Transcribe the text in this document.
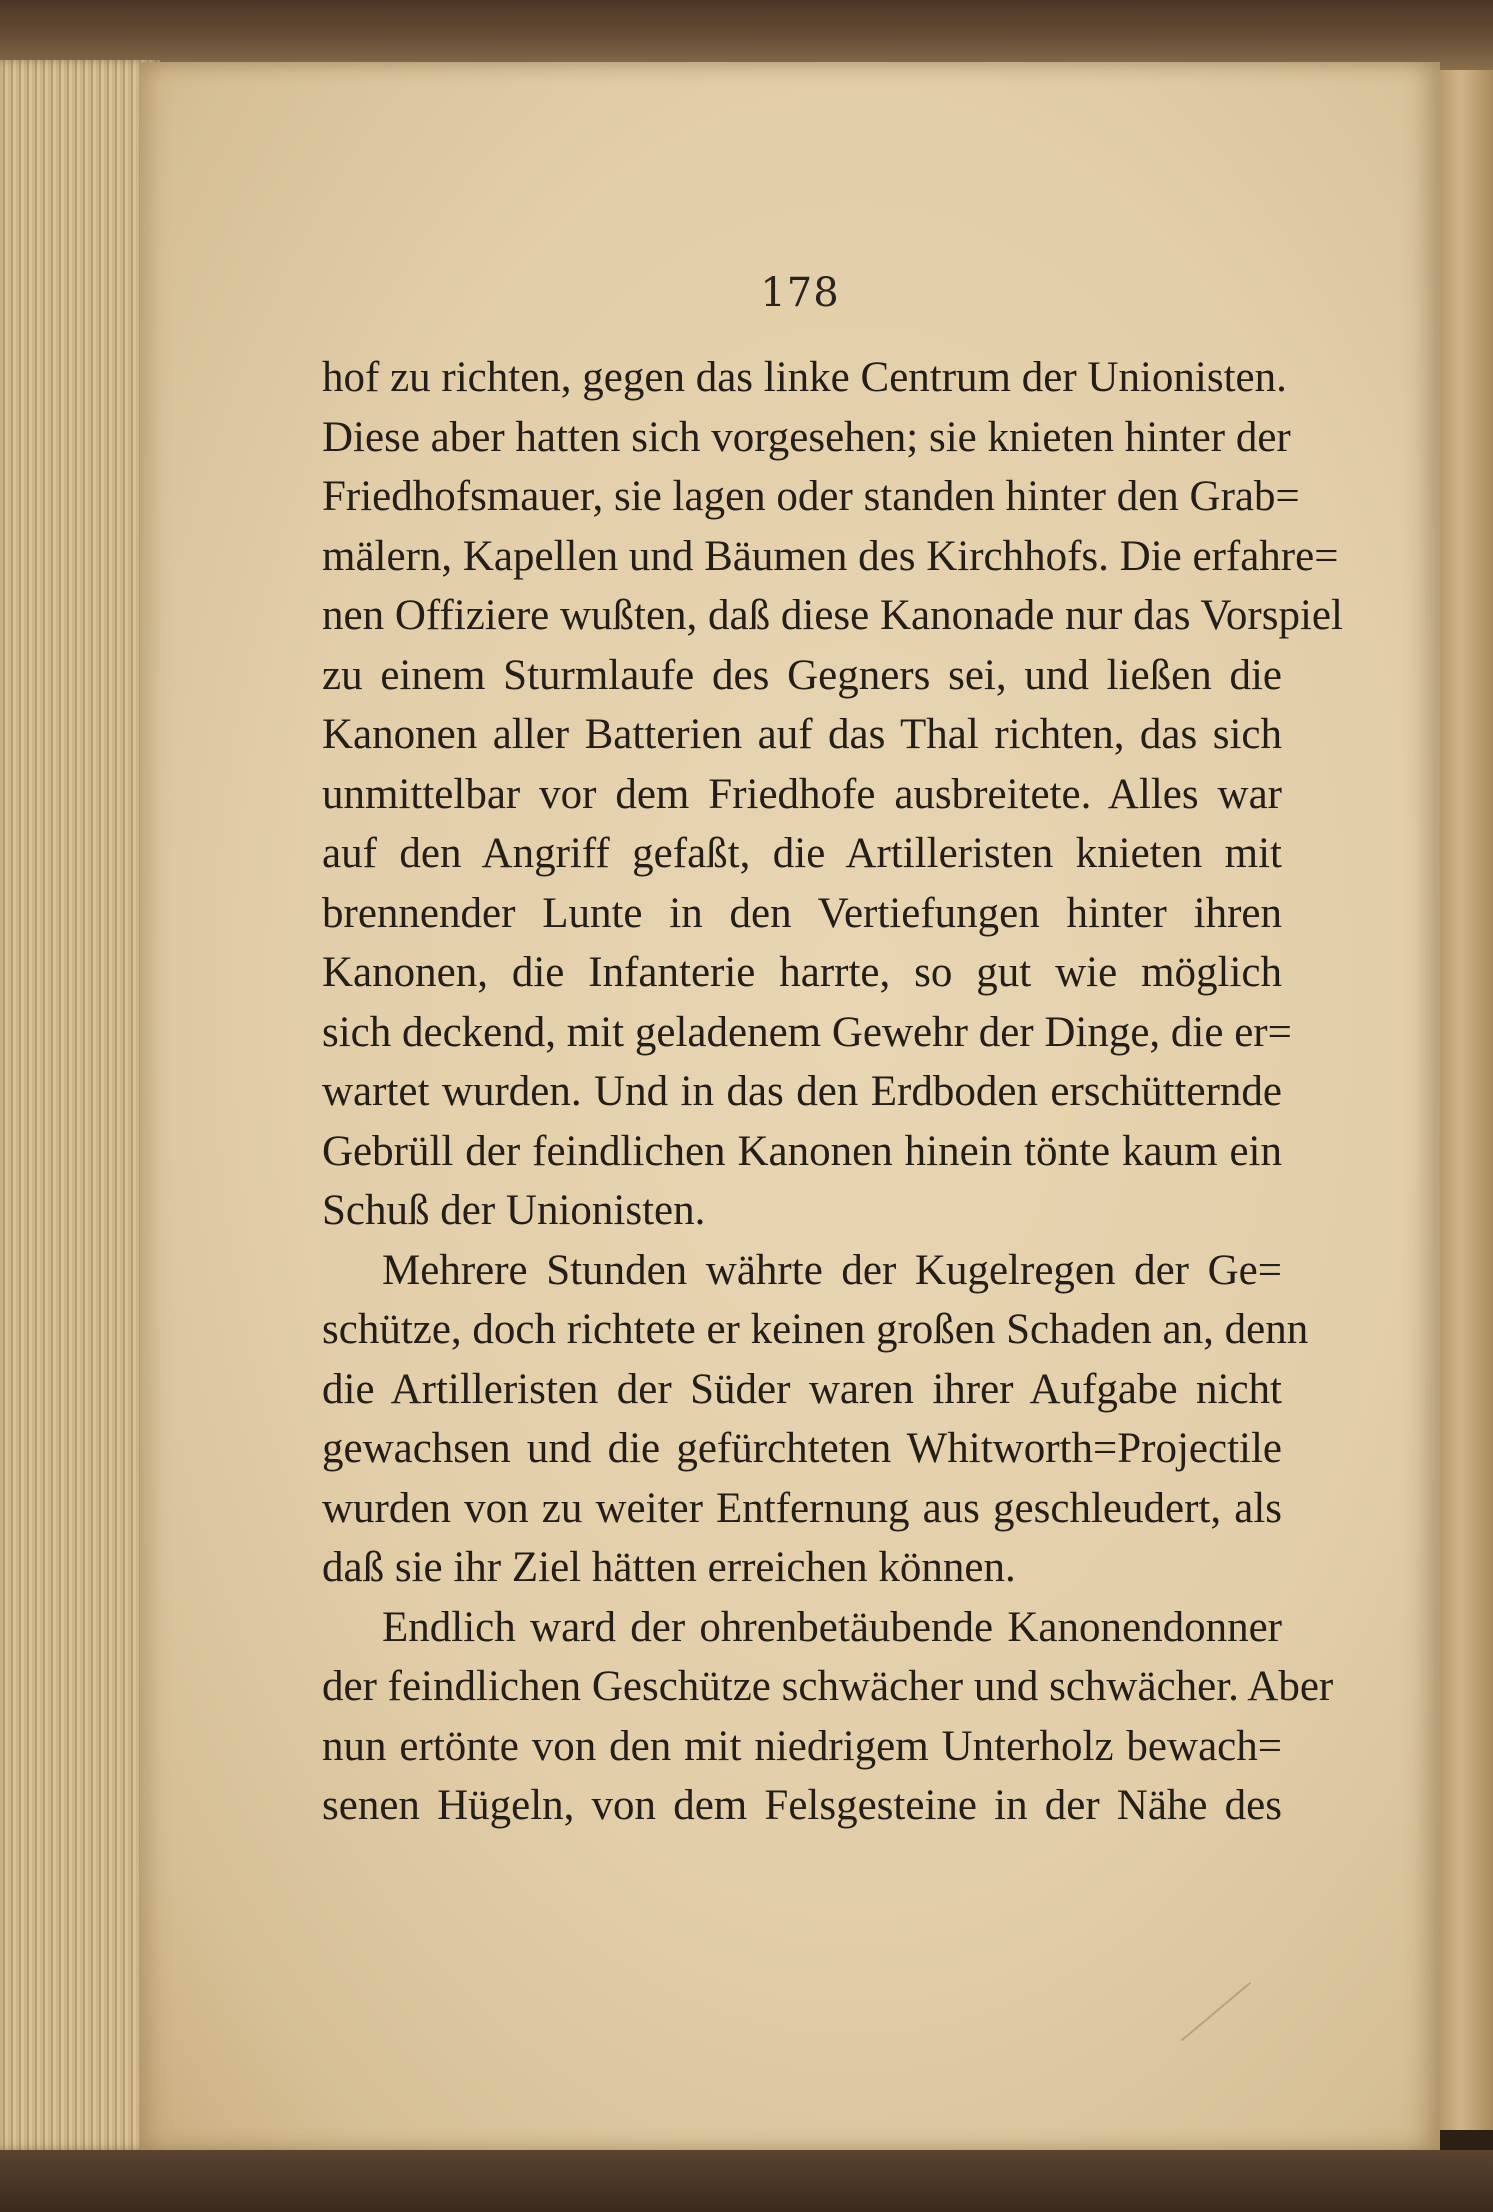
178
hof zu richten, gegen das linke Centrum der Unionisten.
Diese aber hatten sich vorgesehen; sie knieten hinter der
Friedhofsmauer, sie lagen oder standen hinter den Grab=
mälern, Kapellen und Bäumen des Kirchhofs. Die erfahre=
nen Offiziere wußten, daß diese Kanonade nur das Vorspiel
zu einem Sturmlaufe des Gegners sei, und ließen die
Kanonen aller Batterien auf das Thal richten, das sich
unmittelbar vor dem Friedhofe ausbreitete. Alles war
auf den Angriff gefaßt, die Artilleristen knieten mit
brennender Lunte in den Vertiefungen hinter ihren
Kanonen, die Infanterie harrte, so gut wie möglich
sich deckend, mit geladenem Gewehr der Dinge, die er=
wartet wurden. Und in das den Erdboden erschütternde
Gebrüll der feindlichen Kanonen hinein tönte kaum ein
Schuß der Unionisten.
Mehrere Stunden währte der Kugelregen der Ge=
schütze, doch richtete er keinen großen Schaden an, denn
die Artilleristen der Süder waren ihrer Aufgabe nicht
gewachsen und die gefürchteten Whitworth=Projectile
wurden von zu weiter Entfernung aus geschleudert, als
daß sie ihr Ziel hätten erreichen können.
Endlich ward der ohrenbetäubende Kanonendonner
der feindlichen Geschütze schwächer und schwächer. Aber
nun ertönte von den mit niedrigem Unterholz bewach=
senen Hügeln, von dem Felsgesteine in der Nähe des
